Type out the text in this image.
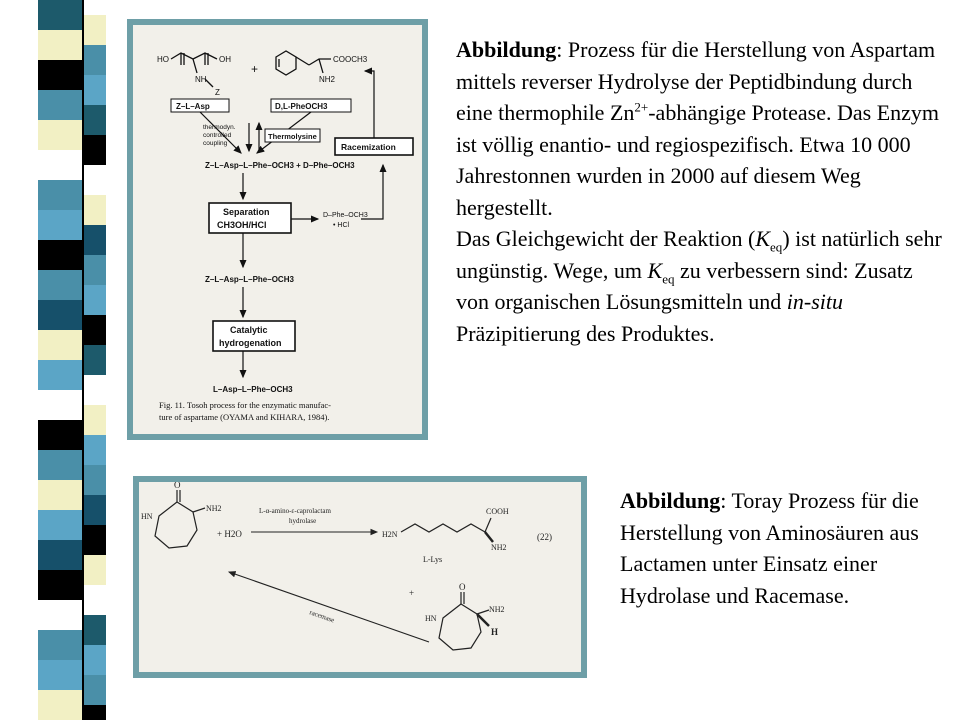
HO	OH
NH
Z
+
COOCH3
NH2
Z–L–Asp	D,L-PheOCH3
thermodyn.
controlled
coupling
Thermolysine
Racemization
Z–L–Asp–L–Phe–OCH3 + D–Phe–OCH3
Separation
CH3OH/HCl
D–Phe–OCH3
• HCl
Z–L–Asp–L–Phe–OCH3
Catalytic
hydrogenation
L–Asp–L–Phe–OCH3
Fig. 11. Tosoh process for the enzymatic manufac-
ture of aspartame (OYAMA and KIHARA, 1984).
Abbildung: Prozess für die Herstellung von Aspartam mittels reverser Hydrolyse der Peptidbindung durch eine thermophile $Zn^{2+}$-abhängige Protease. Das Enzym ist völlig enantio- und regiospezifisch. Etwa 10 000 Jahrestonnen wurden in 2000 auf diesem Weg hergestellt.
Das Gleichgewicht der Reaktion $(K_{eq})$ ist natürlich sehr ungünstig. Wege, um $K_{eq}$ zu verbessern sind: Zusatz von organischen Lösungsmitteln und in-situ Präzipitierung des Produktes.
O
NH2
HN
+ H2O
L-α-amino-ε-caprolactam
hydrolase
COOH
H2N
NH2
L-Lys
(22)
+
racemase
O
NH2
H
HN
Abbildung: Toray Prozess für die Herstellung von Aminosäuren aus Lactamen unter Einsatz einer Hydrolase und Racemase.
